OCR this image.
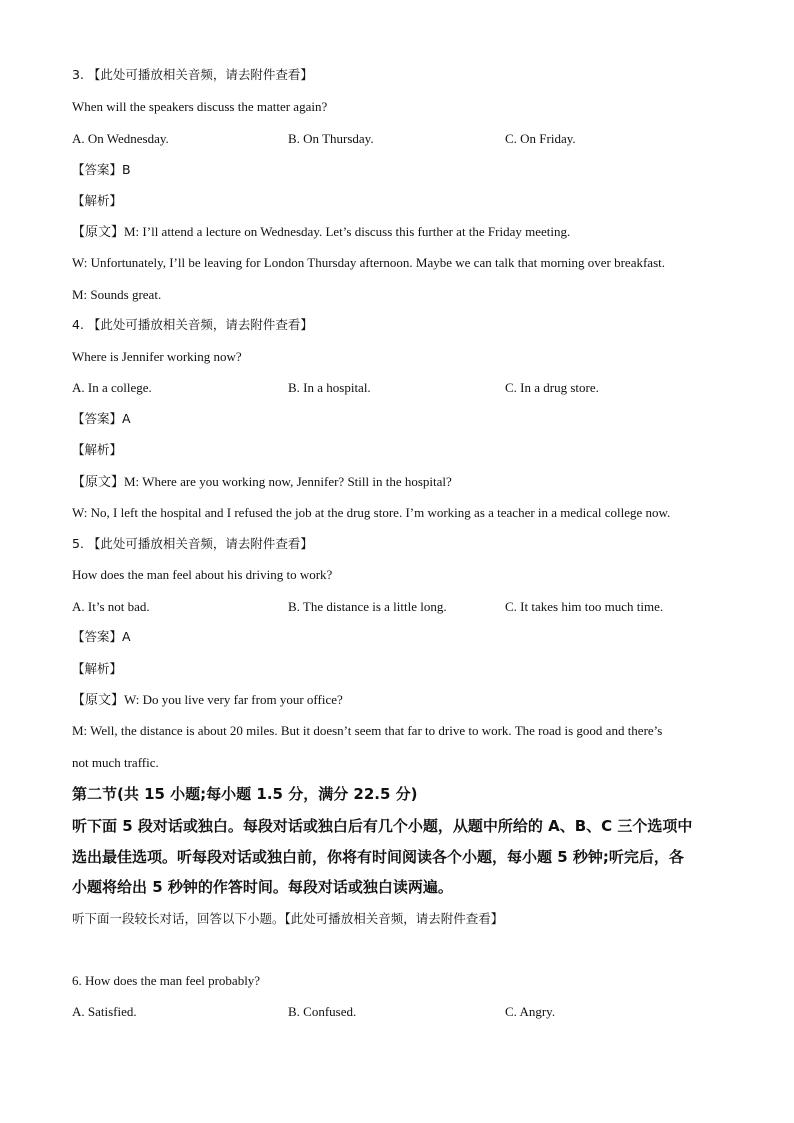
3. 【此处可播放相关音频，请去附件查看】
When will the speakers discuss the matter again?
A. On Wednesday.	B. On Thursday.	C. On Friday.
【答案】B
【解析】
【原文】M: I’ll attend a lecture on Wednesday. Let’s discuss this further at the Friday meeting.
W: Unfortunately, I’ll be leaving for London Thursday afternoon. Maybe we can talk that morning over breakfast.
M: Sounds great.
4. 【此处可播放相关音频，请去附件查看】
Where is Jennifer working now?
A. In a college.	B. In a hospital.	C. In a drug store.
【答案】A
【解析】
【原文】M: Where are you working now, Jennifer? Still in the hospital?
W: No, I left the hospital and I refused the job at the drug store. I’m working as a teacher in a medical college now.
5. 【此处可播放相关音频，请去附件查看】
How does the man feel about his driving to work?
A. It’s not bad.	B. The distance is a little long.	C. It takes him too much time.
【答案】A
【解析】
【原文】W: Do you live very far from your office?
M: Well, the distance is about 20 miles. But it doesn’t seem that far to drive to work. The road is good and there’s
not much traffic.
第二节(共 15 小题;每小题 1.5 分，满分 22.5 分)
听下面 5 段对话或独白。每段对话或独白后有几个小题，从题中所给的 A、B、C 三个选项中
选出最佳选项。听每段对话或独白前，你将有时间阅读各个小题，每小题 5 秒钟;听完后，各
小题将给出 5 秒钟的作答时间。每段对话或独白读两遍。
听下面一段较长对话，回答以下小题。【此处可播放相关音频，请去附件查看】
6. How does the man feel probably?
A. Satisfied.	B. Confused.	C. Angry.
